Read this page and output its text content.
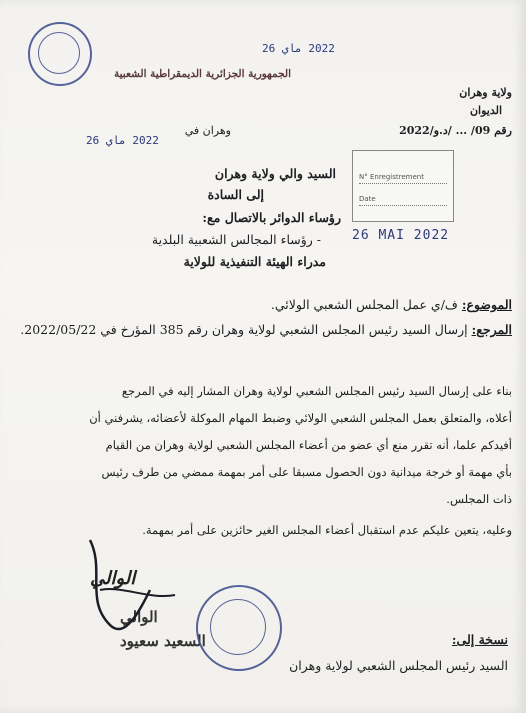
2022 ماي 26
الجمهورية الجزائرية الديمقراطية الشعبية
ولاية وهران
الديوان
رقم 09/ ... /د.و/2022
وهران في
2022 ماي 26
السيد والي ولاية وهران
إلى السادة
رؤساء الدوائر بالاتصال مع:
- رؤساء المجالس الشعبية البلدية
مدراء الهيئة التنفيذية للولاية
N° Enregistrement
Date
26 MAI 2022
الموضوع: ف/ي عمل المجلس الشعبي الولائي.
المرجع: إرسال السيد رئيس المجلس الشعبي لولاية وهران رقم 385 المؤرخ في 2022/05/22.
بناء على إرسال السيد رئيس المجلس الشعبي لولاية وهران المشار إليه في المرجع
أعلاه، والمتعلق بعمل المجلس الشعبي الولائي وضبط المهام الموكلة لأعضائه، يشرفني أن
أفيدكم علما، أنه تقرر منع أي عضو من أعضاء المجلس الشعبي لولاية وهران من القيام
بأي مهمة أو خرجة ميدانية دون الحصول مسبقا على أمر بمهمة ممضي من طرف رئيس
ذات المجلس.
وعليه، يتعين عليكم عدم استقبال أعضاء المجلس الغير حائزين على أمر بمهمة.
الوالي
الوالي
السعيد سعيود	نسخة إلى:
السيد رئيس المجلس الشعبي لولاية وهران
